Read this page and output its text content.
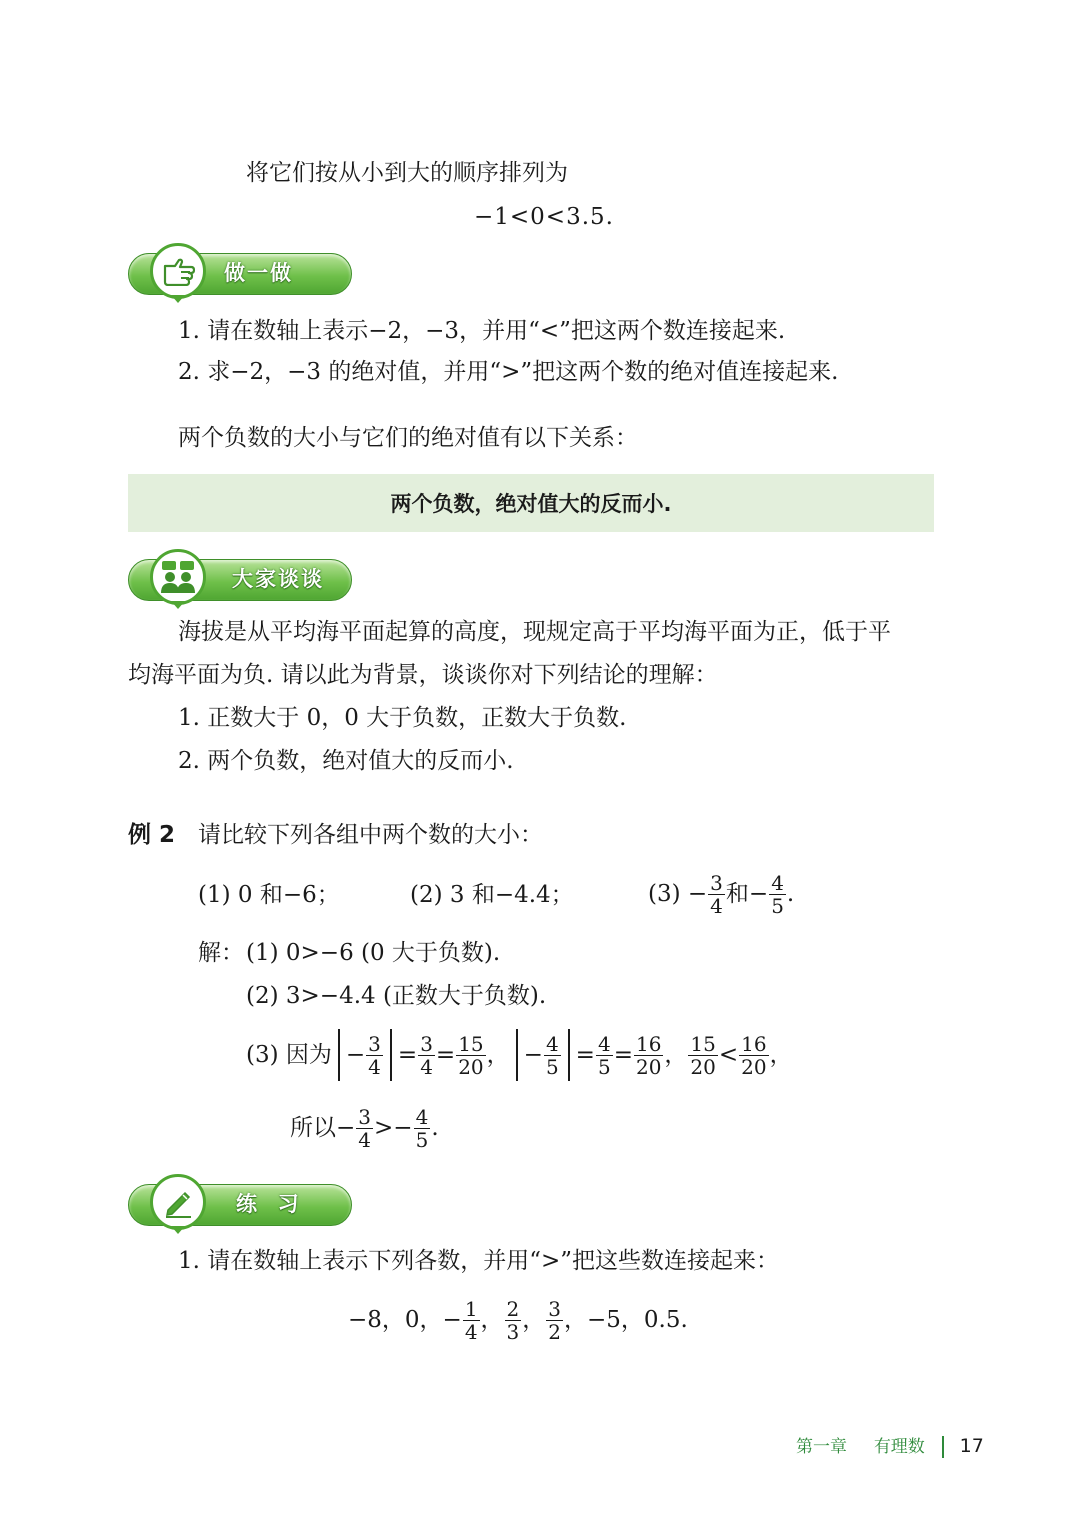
将它们按从小到大的顺序排列为
−1<0<3.5.
做一做
1. 请在数轴上表示−2，−3，并用“<”把这两个数连接起来.
2. 求−2，−3 的绝对值，并用“>”把这两个数的绝对值连接起来.
两个负数的大小与它们的绝对值有以下关系：
两个负数，绝对值大的反而小.
大家谈谈
海拔是从平均海平面起算的高度，现规定高于平均海平面为正，低于平
均海平面为负. 请以此为背景，谈谈你对下列结论的理解：
1. 正数大于 0，0 大于负数，正数大于负数.
2. 两个负数，绝对值大的反而小.
例 2 请比较下列各组中两个数的大小：
(1) 0 和−6；	(2) 3 和−4.4；	$(3) - \frac{3}{4}$ 和− $\frac{4}{5}$ .
解： (1) 0>−6 (0 大于负数).
(2) 3>−4.4 (正数大于负数).
(3) 因为 − $\frac{3}{4} = \frac{3}{4} = \frac{15}{20}$ ， − $\frac{4}{5} = \frac{4}{5} = \frac{16}{20}$ ， $\frac{15}{20} < \frac{16}{20}$ ，
所以− $\frac{3}{4}$ > − $\frac{4}{5}$ .
练  习
1. 请在数轴上表示下列各数，并用“>”把这些数连接起来：
−8，0，− $\frac{1}{4}$ ， $\frac{2}{3}$ ， $\frac{3}{2}$ ，−5，0.5.
第一章 有理数 17
